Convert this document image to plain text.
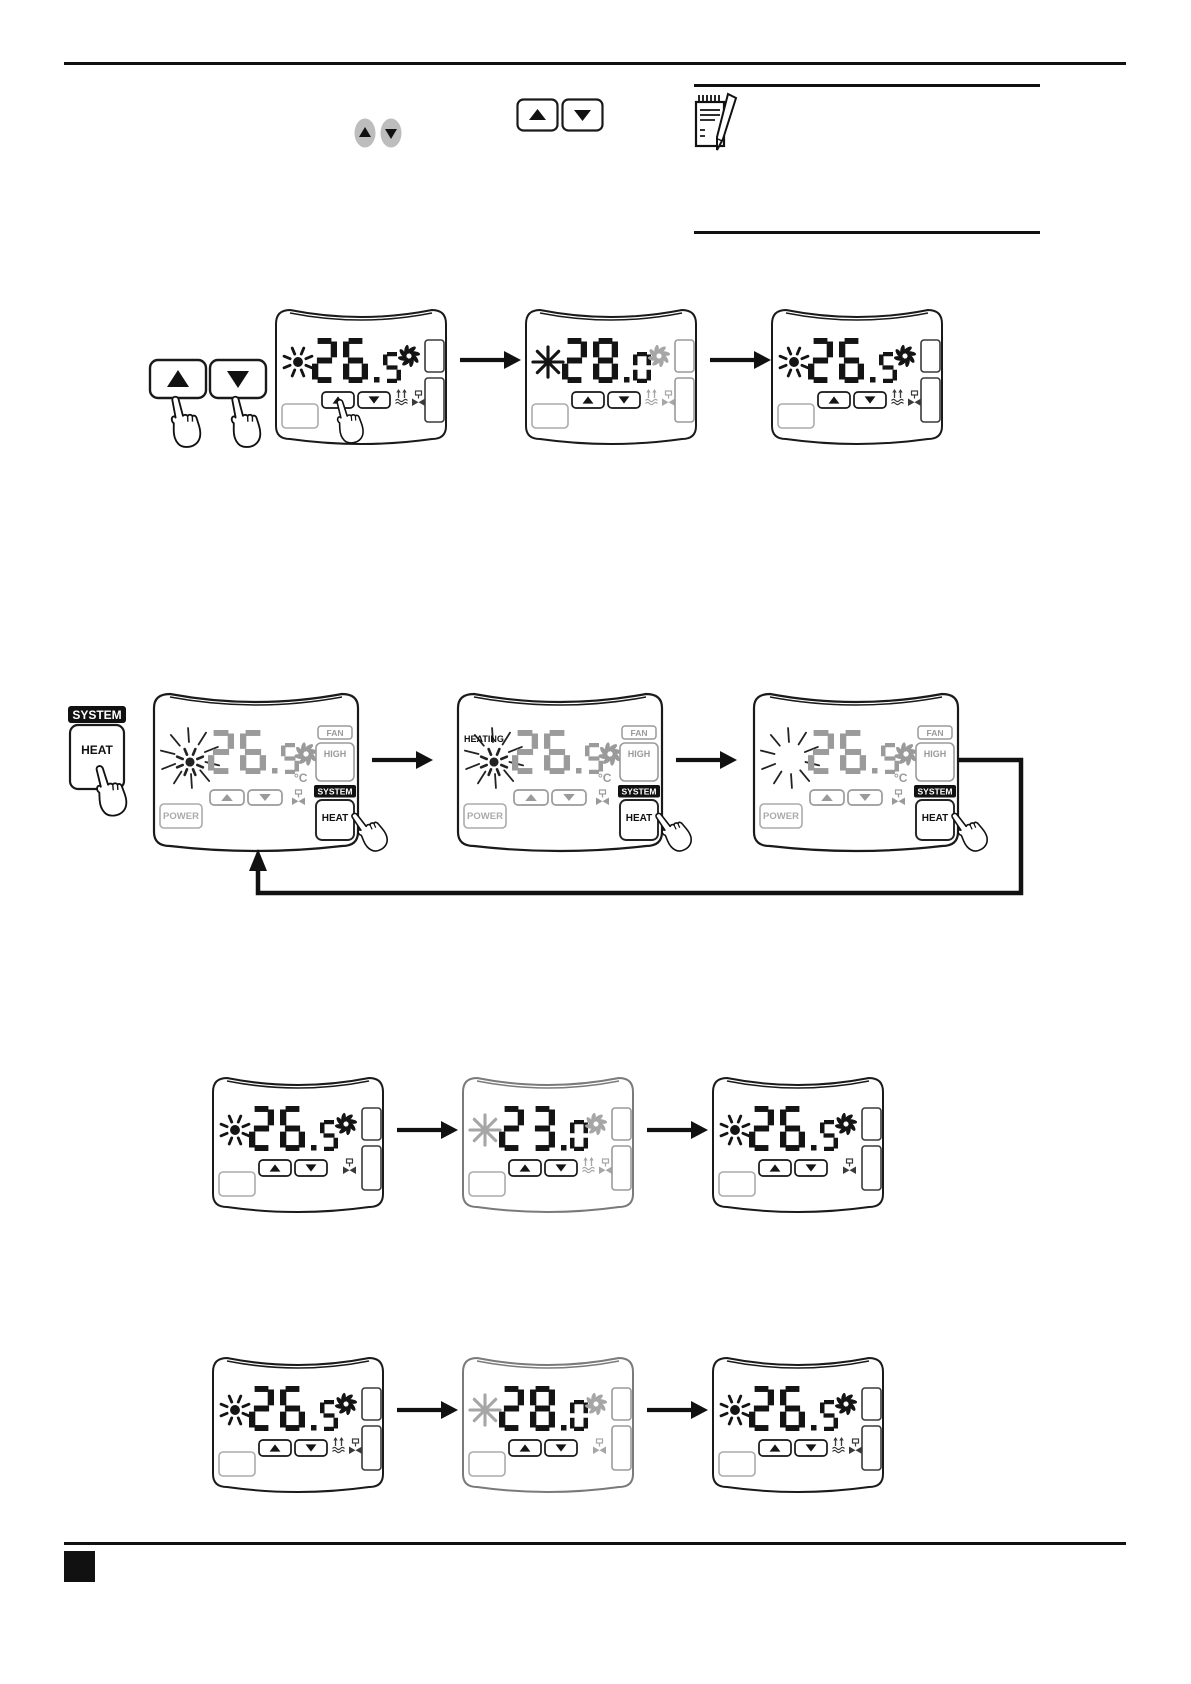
SYSTEM
HEAT
°C
FAN
HIGH
SYSTEM
HEAT
POWER
HEATING
°C
FAN
HIGH
SYSTEM
HEAT
POWER
°C
FAN
HIGH
SYSTEM
HEAT
POWER
